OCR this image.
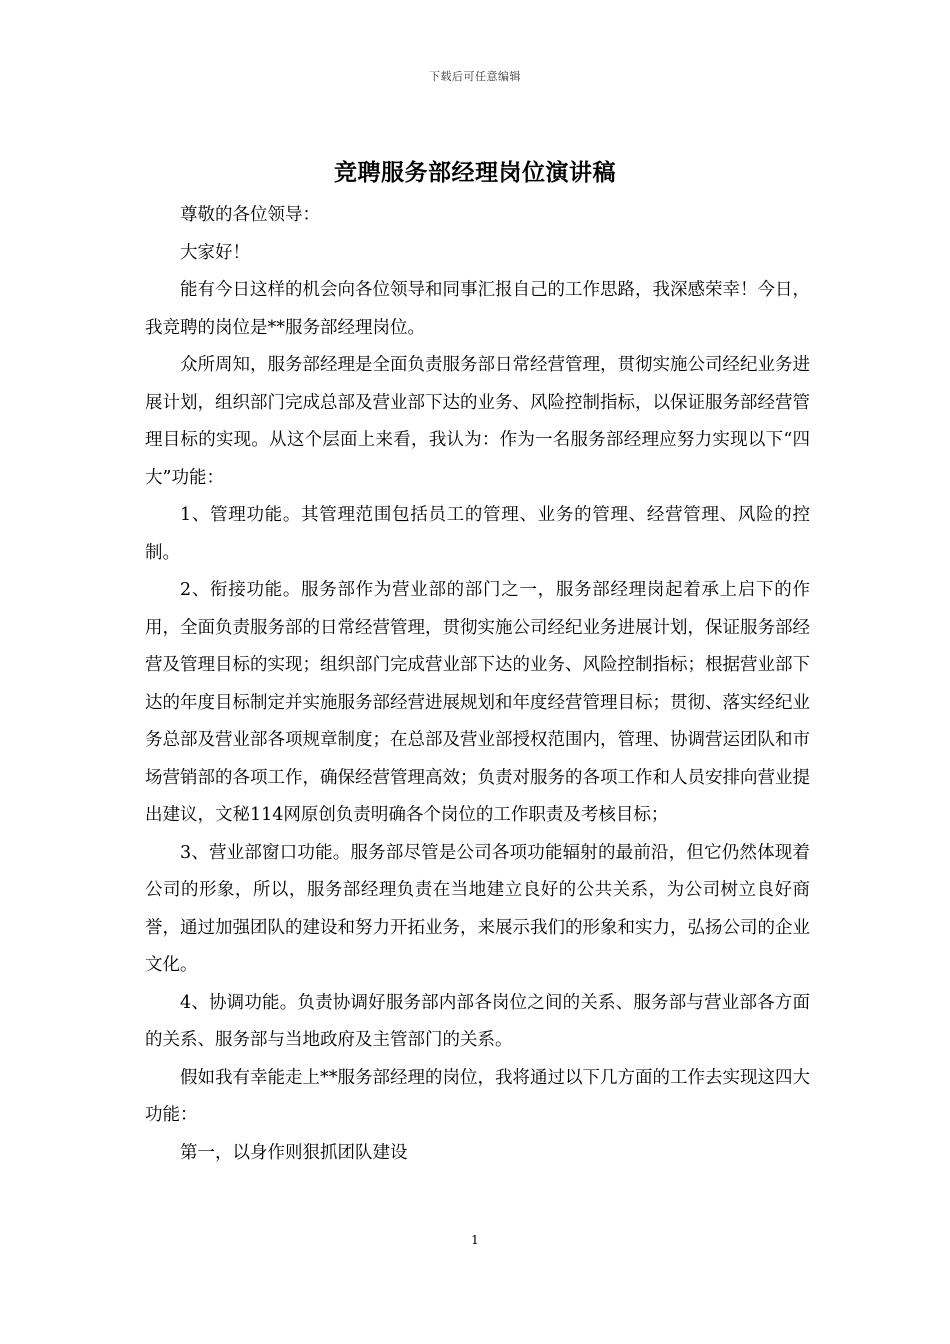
下载后可任意编辑
竞聘服务部经理岗位演讲稿

尊敬的各位领导：

大家好！

能有今日这样的机会向各位领导和同事汇报自己的工作思路，我深感荣幸！今日，我竞聘的岗位是**服务部经理岗位。

众所周知，服务部经理是全面负责服务部日常经营管理，贯彻实施公司经纪业务进展计划，组织部门完成总部及营业部下达的业务、风险控制指标，以保证服务部经营管理目标的实现。从这个层面上来看，我认为：作为一名服务部经理应努力实现以下“四大”功能：

1、管理功能。其管理范围包括员工的管理、业务的管理、经营管理、风险的控制。

2、衔接功能。服务部作为营业部的部门之一，服务部经理岗起着承上启下的作用，全面负责服务部的日常经营管理，贯彻实施公司经纪业务进展计划，保证服务部经营及管理目标的实现；组织部门完成营业部下达的业务、风险控制指标；根据营业部下达的年度目标制定并实施服务部经营进展规划和年度经营管理目标；贯彻、落实经纪业务总部及营业部各项规章制度；在总部及营业部授权范围内，管理、协调营运团队和市场营销部的各项工作，确保经营管理高效；负责对服务的各项工作和人员安排向营业提出建议，文秘114网原创负责明确各个岗位的工作职责及考核目标；

3、营业部窗口功能。服务部尽管是公司各项功能辐射的最前沿，但它仍然体现着公司的形象，所以，服务部经理负责在当地建立良好的公共关系，为公司树立良好商誉，通过加强团队的建设和努力开拓业务，来展示我们的形象和实力，弘扬公司的企业文化。

4、协调功能。负责协调好服务部内部各岗位之间的关系、服务部与营业部各方面的关系、服务部与当地政府及主管部门的关系。

假如我有幸能走上**服务部经理的岗位，我将通过以下几方面的工作去实现这四大功能：

第一，以身作则狠抓团队建设

1
